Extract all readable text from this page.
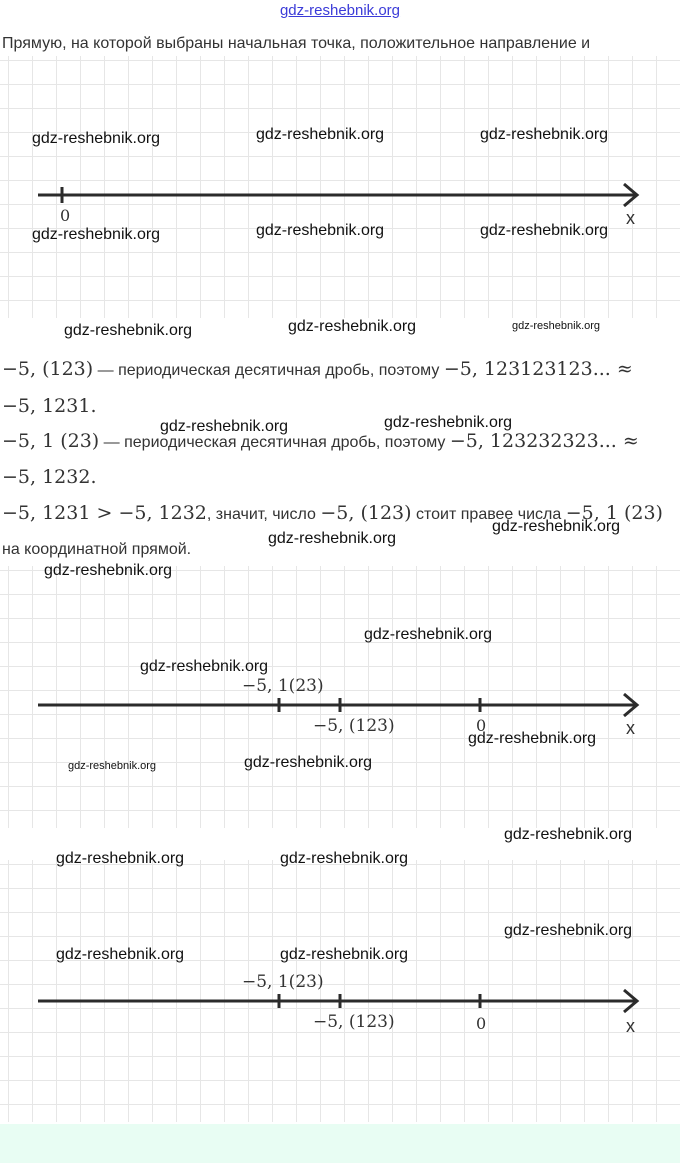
gdz-reshebnik.org
Прямую, на которой выбраны начальная точка, положительное направление и
0	x
−5, (123) — периодическая десятичная дробь, поэтому −5, 123123123... ≈
−5, 1231.
−5, 1 (23) — периодическая десятичная дробь, поэтому −5, 123232323... ≈
−5, 1232.
−5, 1231 > −5, 1232, значит, число −5, (123) стоит правее числа −5, 1 (23)
на координатной прямой.
−5, 1(23)
−5, (123)	0	x
−5, 1(23)
−5, (123)	0	x
gdz-reshebnik.org	gdz-reshebnik.org	gdz-reshebnik.org
gdz-reshebnik.org	gdz-reshebnik.org	gdz-reshebnik.org
gdz-reshebnik.org	gdz-reshebnik.org	gdz-reshebnik.org
gdz-reshebnik.org	gdz-reshebnik.org
gdz-reshebnik.org
gdz-reshebnik.org
gdz-reshebnik.org
gdz-reshebnik.org
gdz-reshebnik.org
gdz-reshebnik.org
gdz-reshebnik.org	gdz-reshebnik.org
gdz-reshebnik.org
gdz-reshebnik.org	gdz-reshebnik.org
gdz-reshebnik.org
gdz-reshebnik.org	gdz-reshebnik.org
